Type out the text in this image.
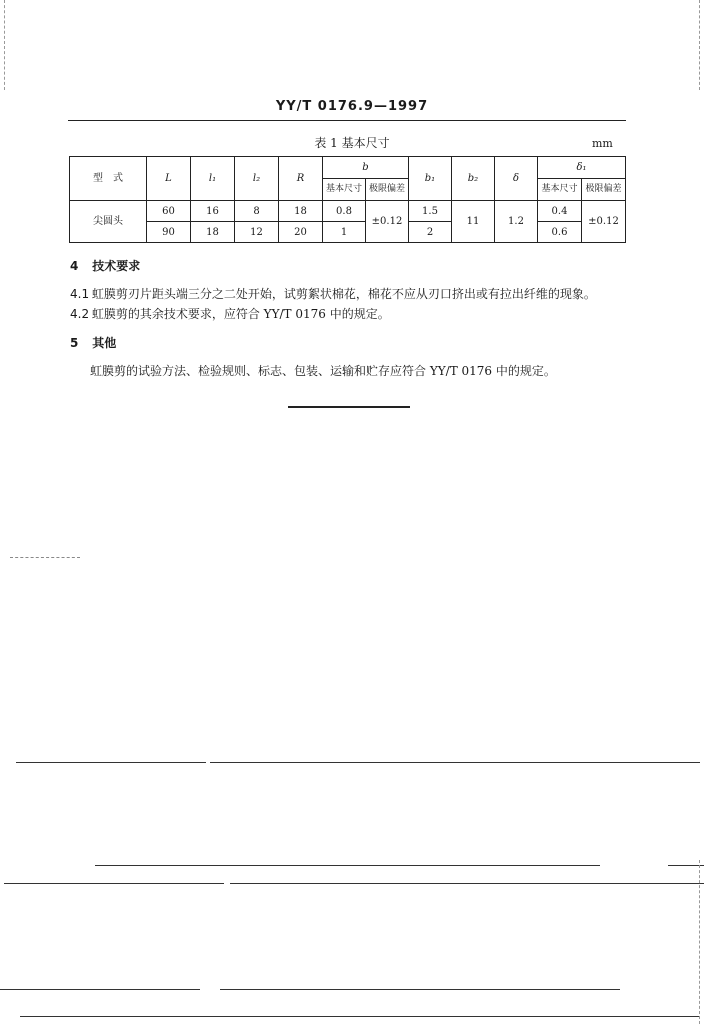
YY/T 0176.9—1997
表 1 基本尺寸	mm
型　式	L	l₁	l₂	R	b		b₁	b₂	δ	δ₁	
					基本尺寸	极限偏差				基本尺寸	极限偏差
尖圆头	60	16	8	18	0.8	±0.12	1.5	11	1.2	0.4	±0.12
	90	18	12	20	1		2			0.6	
4 技术要求
4.1 虹膜剪刃片距头端三分之二处开始，试剪絮状棉花，棉花不应从刃口挤出或有拉出纤维的现象。
4.2 虹膜剪的其余技术要求，应符合 YY/T 0176 中的规定。
5 其他
虹膜剪的试验方法、检验规则、标志、包装、运输和贮存应符合 YY/T 0176 中的规定。
